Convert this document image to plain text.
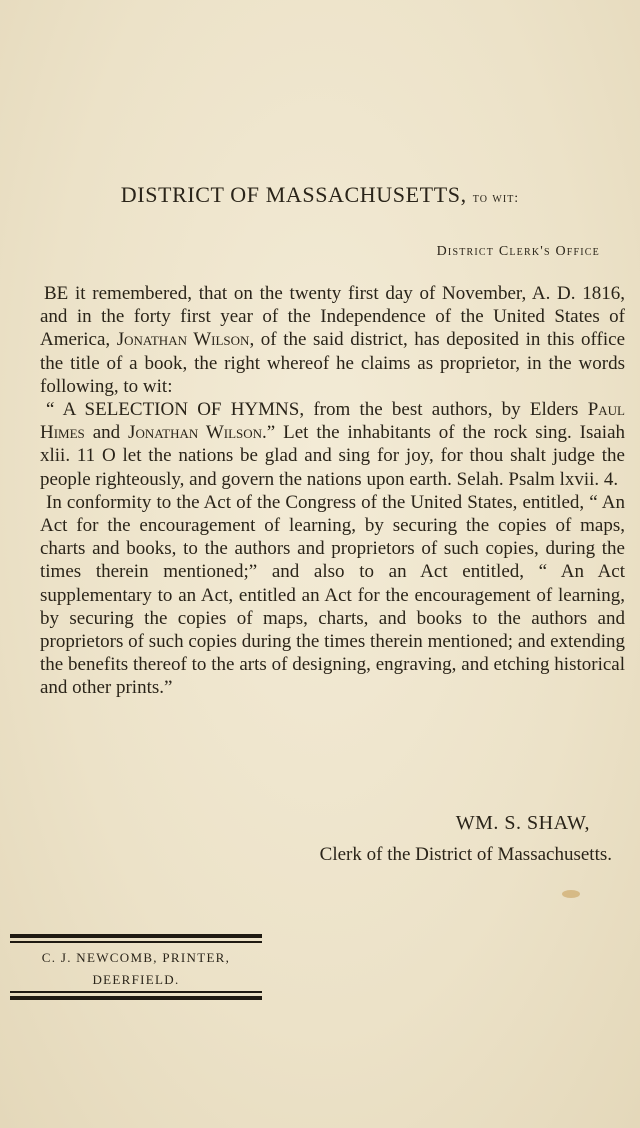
DISTRICT OF MASSACHUSETTS, to wit:
District Clerk's Office

BE it remembered, that on the twenty first day of November, A. D. 1816, and in the forty first year of the Independence of the United States of America, Jonathan Wilson, of the said district, has deposited in this office the title of a book, the right whereof he claims as proprietor, in the words following, to wit:

“ A SELECTION OF HYMNS, from the best authors, by Elders Paul Himes and Jonathan Wilson.” Let the inhabitants of the rock sing. Isaiah xlii. 11 O let the nations be glad and sing for joy, for thou shalt judge the people righteously, and govern the nations upon earth. Selah. Psalm lxvii. 4.

In conformity to the Act of the Congress of the United States, entitled, “ An Act for the encouragement of learning, by securing the copies of maps, charts and books, to the authors and proprietors of such copies, during the times therein mentioned;” and also to an Act entitled, “ An Act supplementary to an Act, entitled an Act for the encouragement of learning, by securing the copies of maps, charts, and books to the authors and proprietors of such copies during the times therein mentioned; and extending the benefits thereof to the arts of designing, engraving, and etching historical and other prints.”

WM. S. SHAW,
Clerk of the District of Massachusetts.
C. J. NEWCOMB, PRINTER,
DEERFIELD.
